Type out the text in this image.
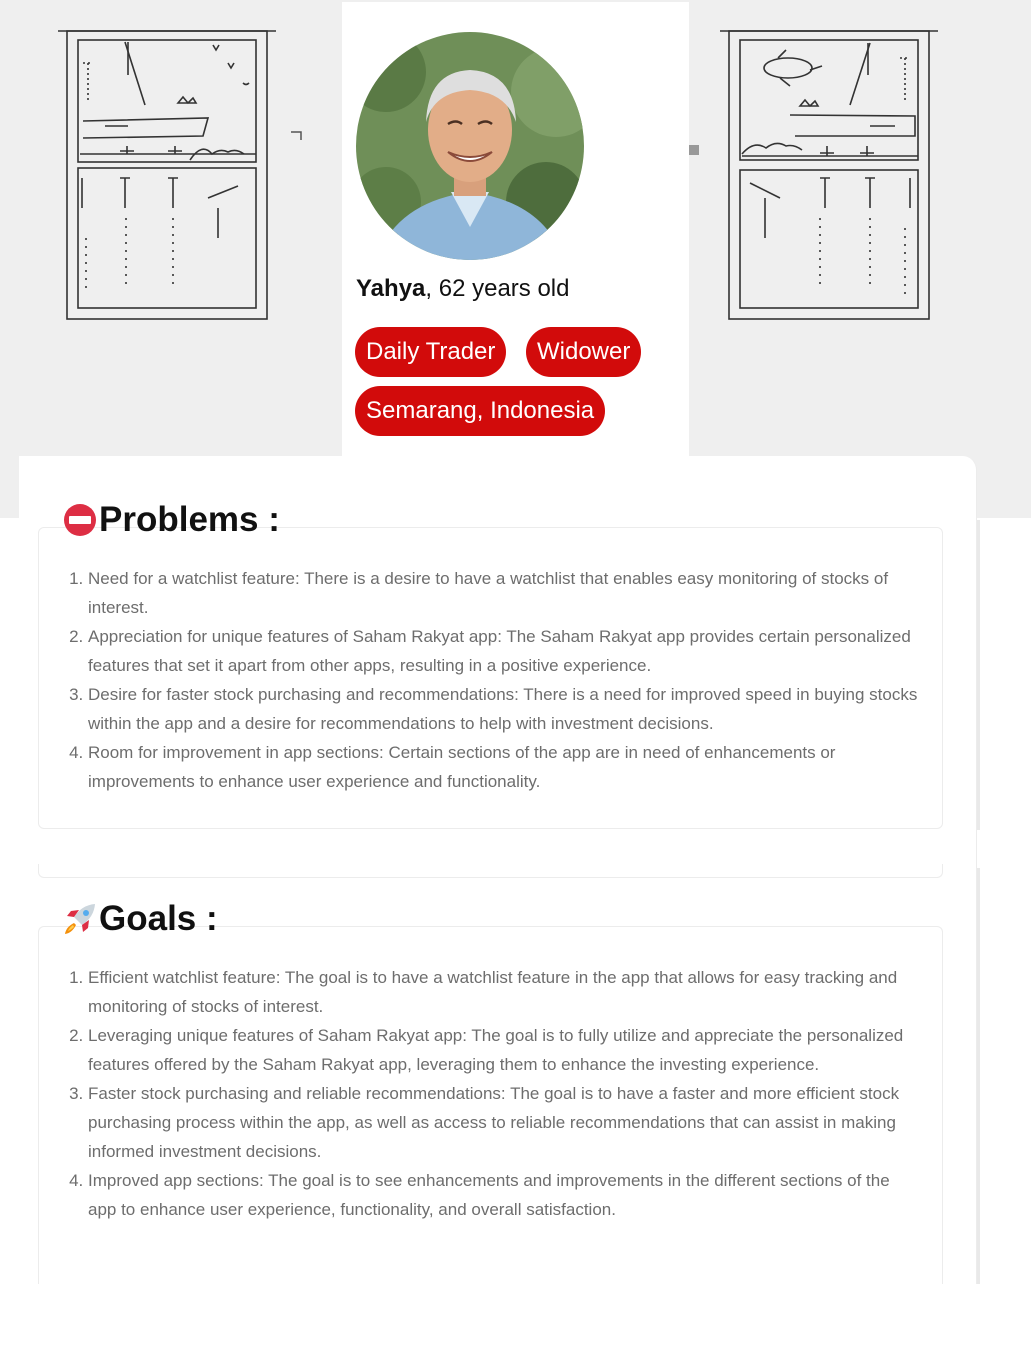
Yahya, 62 years old
Daily Trader	Widower
Semarang, Indonesia
1. Need for a watchlist feature: There is a desire to have a watchlist that enables easy monitoring of stocks of interest.
2. Appreciation for unique features of Saham Rakyat app: The Saham Rakyat app provides certain personalized features that set it apart from other apps, resulting in a positive experience.
3. Desire for faster stock purchasing and recommendations: There is a need for improved speed in buying stocks within the app and a desire for recommendations to help with investment decisions.
4. Room for improvement in app sections: Certain sections of the app are in need of enhancements or improvements to enhance user experience and functionality.
Problems :
1. Efficient watchlist feature: The goal is to have a watchlist feature in the app that allows for easy tracking and monitoring of stocks of interest.
2. Leveraging unique features of Saham Rakyat app: The goal is to fully utilize and appreciate the personalized features offered by the Saham Rakyat app, leveraging them to enhance the investing experience.
3. Faster stock purchasing and reliable recommendations: The goal is to have a faster and more efficient stock purchasing process within the app, as well as access to reliable recommendations that can assist in making informed investment decisions.
4. Improved app sections: The goal is to see enhancements and improvements in the different sections of the app to enhance user experience, functionality, and overall satisfaction.
Goals :
